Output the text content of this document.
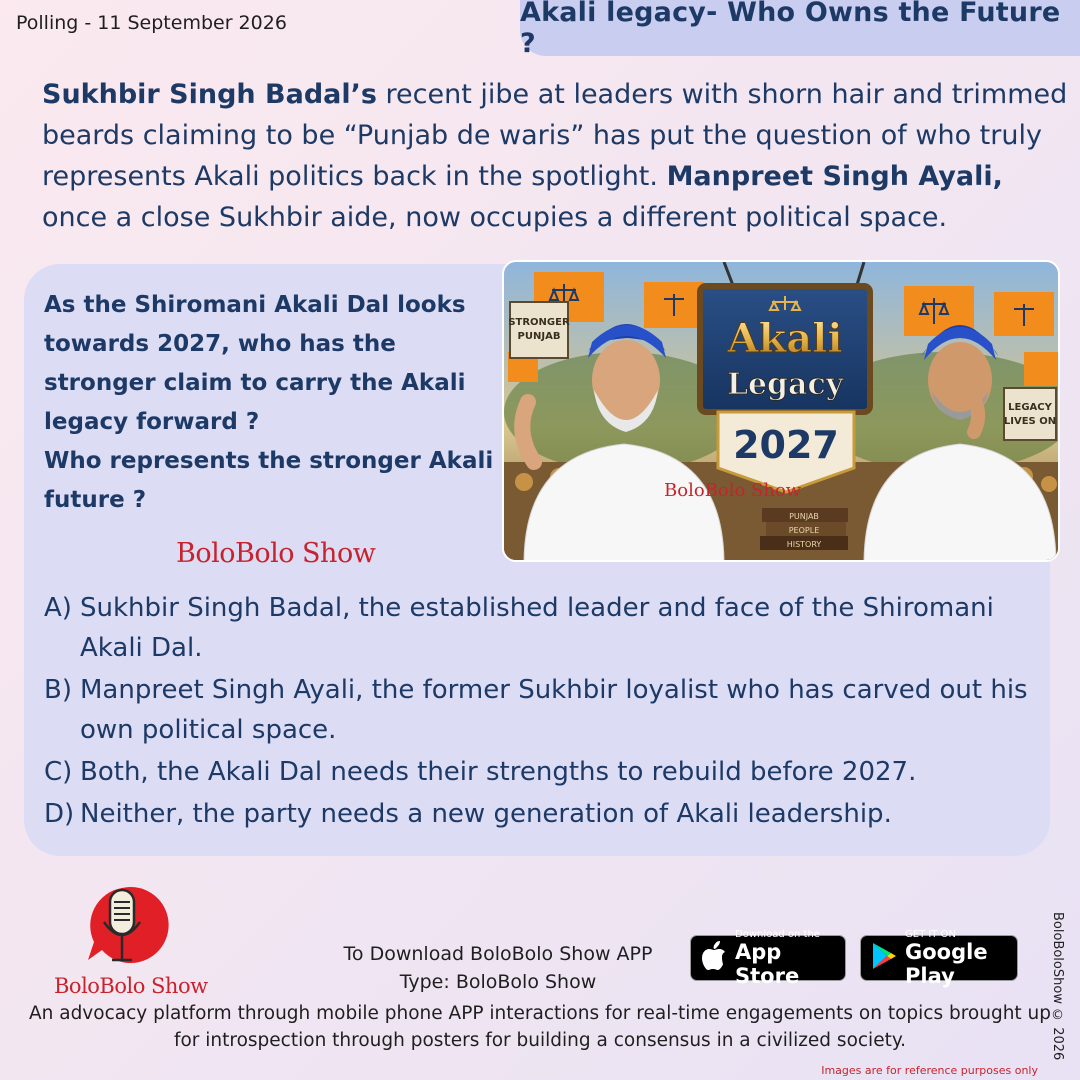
Polling - 11 September 2026	Akali legacy- Who Owns the Future ?

Sukhbir Singh Badal’s recent jibe at leaders with shorn hair and trimmed beards claiming to be “Punjab de waris” has put the question of who truly represents Akali politics back in the spotlight. Manpreet Singh Ayali, once a close Sukhbir aide, now occupies a different political space.

As the Shiromani Akali Dal looks towards 2027, who has the stronger claim to carry the Akali legacy forward ?
Who represents the stronger Akali future ?
BoloBolo Show
STRONGER
PUNJAB
LEGACY
LIVES ON
Akali
Legacy
2027
PUNJAB
PEOPLE
HISTORY
BoloBolo Show
A) Sukhbir Singh Badal, the established leader and face of the Shiromani Akali Dal.
B) Manpreet Singh Ayali, the former Sukhbir loyalist who has carved out his own political space.
C) Both, the Akali Dal needs their strengths to rebuild before 2027.
D) Neither, the party needs a new generation of Akali leadership.
BoloBolo Show
To Download BoloBolo Show APP
Type: BoloBolo Show
Download on the
App Store
GET IT ON
Google Play
An advocacy platform through mobile phone APP interactions for real-time engagements on topics brought up for introspection through posters for building a consensus in a civilized society.	BoloBoloShow © 2026
Images are for reference purposes only
